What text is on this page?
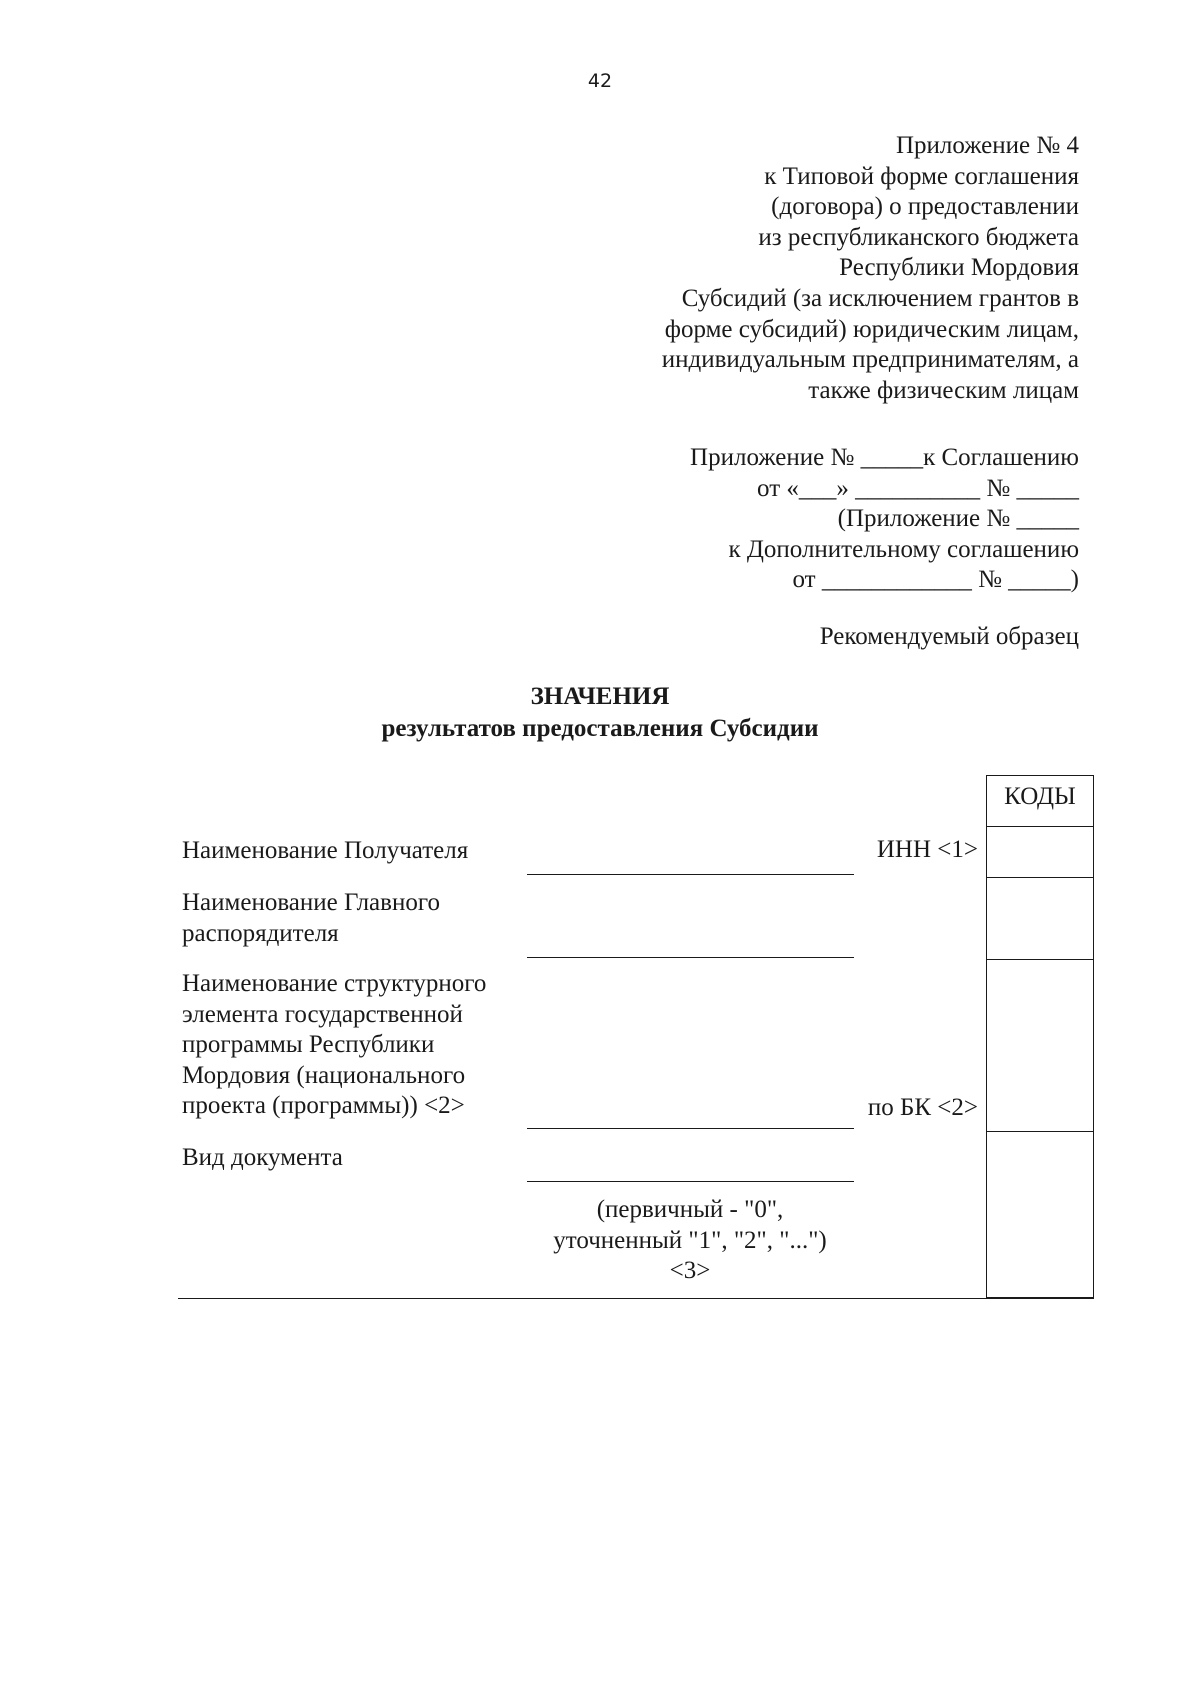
42
Приложение № 4
к Типовой форме соглашения
(договора) о предоставлении
из республиканского бюджета
Республики Мордовия
Субсидий (за исключением грантов в
форме субсидий) юридическим лицам,
индивидуальным предпринимателям, а
также физическим лицам
Приложение № _____к Соглашению
от «___» __________ № _____
(Приложение № _____
к Дополнительному соглашению
от ____________ № _____)
Рекомендуемый образец
ЗНАЧЕНИЯ
результатов предоставления Субсидии
КОДЫ
Наименование Получателя
Наименование Главного
распорядителя
Наименование структурного
элемента государственной
программы Республики
Мордовия (национального
проекта (программы)) <2>
Вид документа
ИНН <1>
по БК <2>
(первичный - "0",
уточненный "1", "2", "...")
<3>
